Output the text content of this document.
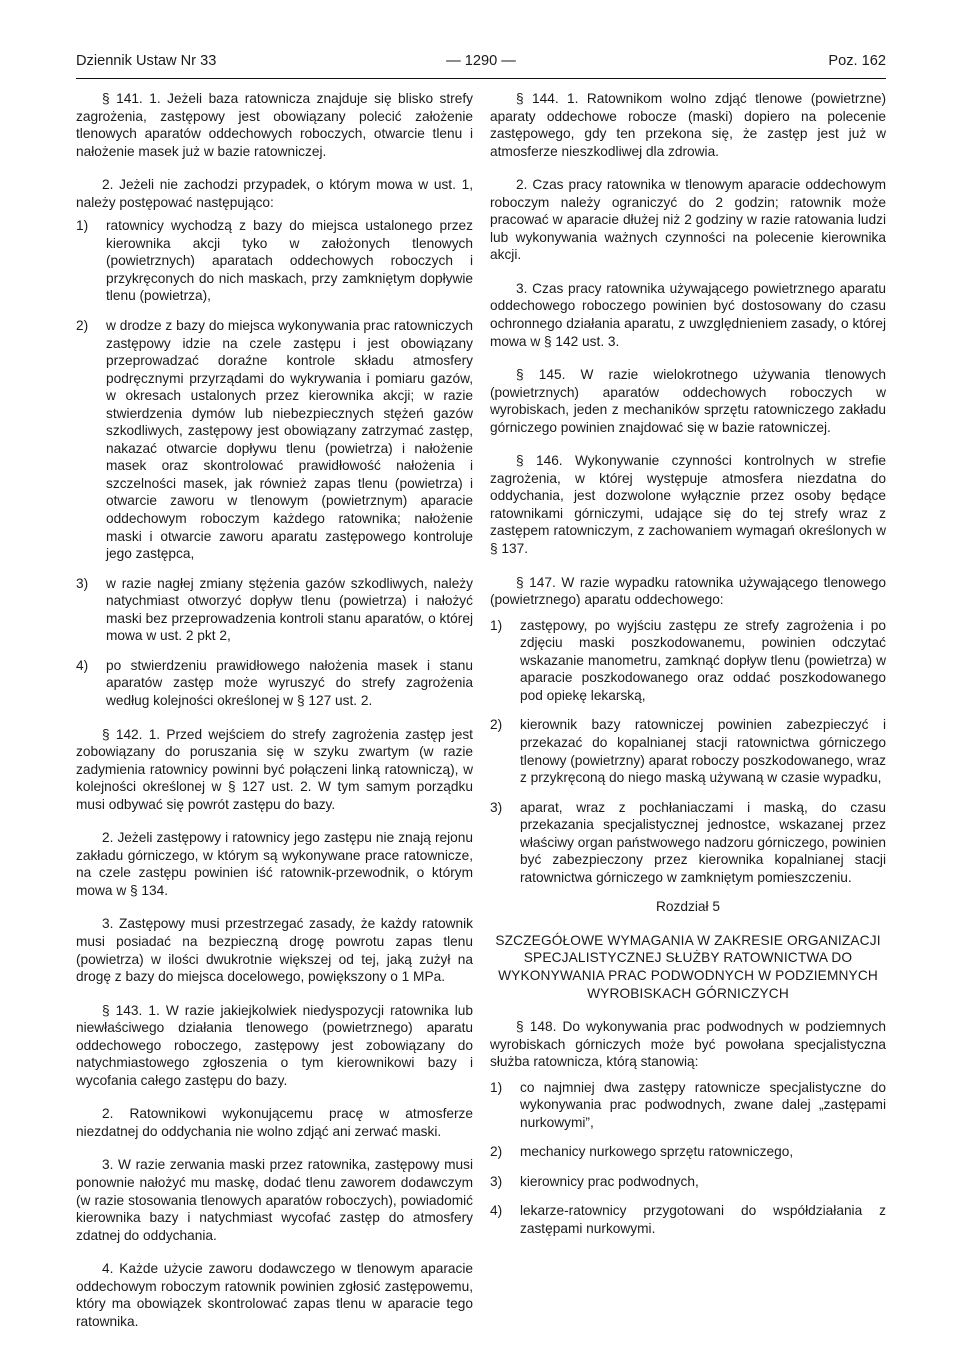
Dziennik Ustaw Nr 33	— 1290 —	Poz. 162

§ 141. 1. Jeżeli baza ratownicza znajduje się blisko strefy zagrożenia, zastępowy jest obowiązany polecić założenie tlenowych aparatów oddechowych roboczych, otwarcie tlenu i nałożenie masek już w bazie ratowniczej.

2. Jeżeli nie zachodzi przypadek, o którym mowa w ust. 1, należy postępować następująco:

1) ratownicy wychodzą z bazy do miejsca ustalonego przez kierownika akcji tyko w założonych tlenowych (powietrznych) aparatach oddechowych roboczych i przykręconych do nich maskach, przy zamkniętym dopływie tlenu (powietrza),
2) w drodze z bazy do miejsca wykonywania prac ratowniczych zastępowy idzie na czele zastępu i jest obowiązany przeprowadzać doraźne kontrole składu atmosfery podręcznymi przyrządami do wykrywania i pomiaru gazów, w okresach ustalonych przez kierownika akcji; w razie stwierdzenia dymów lub niebezpiecznych stężeń gazów szkodliwych, zastępowy jest obowiązany zatrzymać zastęp, nakazać otwarcie dopływu tlenu (powietrza) i nałożenie masek oraz skontrolować prawidłowość nałożenia i szczelności masek, jak również zapas tlenu (powietrza) i otwarcie zaworu w tlenowym (powietrznym) aparacie oddechowym roboczym każdego ratownika; nałożenie maski i otwarcie zaworu aparatu zastępowego kontroluje jego zastępca,
3) w razie nagłej zmiany stężenia gazów szkodliwych, należy natychmiast otworzyć dopływ tlenu (powietrza) i nałożyć maski bez przeprowadzenia kontroli stanu aparatów, o której mowa w ust. 2 pkt 2,
4) po stwierdzeniu prawidłowego nałożenia masek i stanu aparatów zastęp może wyruszyć do strefy zagrożenia według kolejności określonej w § 127 ust. 2.

§ 142. 1. Przed wejściem do strefy zagrożenia zastęp jest zobowiązany do poruszania się w szyku zwartym (w razie zadymienia ratownicy powinni być połączeni linką ratowniczą), w kolejności określonej w § 127 ust. 2. W tym samym porządku musi odbywać się powrót zastępu do bazy.

2. Jeżeli zastępowy i ratownicy jego zastępu nie znają rejonu zakładu górniczego, w którym są wykonywane prace ratownicze, na czele zastępu powinien iść ratownik-przewodnik, o którym mowa w § 134.

3. Zastępowy musi przestrzegać zasady, że każdy ratownik musi posiadać na bezpieczną drogę powrotu zapas tlenu (powietrza) w ilości dwukrotnie większej od tej, jaką zużył na drogę z bazy do miejsca docelowego, powiększony o 1 MPa.

§ 143. 1. W razie jakiejkolwiek niedyspozycji ratownika lub niewłaściwego działania tlenowego (powietrznego) aparatu oddechowego roboczego, zastępowy jest zobowiązany do natychmiastowego zgłoszenia o tym kierownikowi bazy i wycofania całego zastępu do bazy.

2. Ratownikowi wykonującemu pracę w atmosferze niezdatnej do oddychania nie wolno zdjąć ani zerwać maski.

3. W razie zerwania maski przez ratownika, zastępowy musi ponownie nałożyć mu maskę, dodać tlenu zaworem dodawczym (w razie stosowania tlenowych aparatów roboczych), powiadomić kierownika bazy i natychmiast wycofać zastęp do atmosfery zdatnej do oddychania.

4. Każde użycie zaworu dodawczego w tlenowym aparacie oddechowym roboczym ratownik powinien zgłosić zastępowemu, który ma obowiązek skontrolować zapas tlenu w aparacie tego ratownika.

§ 144. 1. Ratownikom wolno zdjąć tlenowe (powietrzne) aparaty oddechowe robocze (maski) dopiero na polecenie zastępowego, gdy ten przekona się, że zastęp jest już w atmosferze nieszkodliwej dla zdrowia.

2. Czas pracy ratownika w tlenowym aparacie oddechowym roboczym należy ograniczyć do 2 godzin; ratownik może pracować w aparacie dłużej niż 2 godziny w razie ratowania ludzi lub wykonywania ważnych czynności na polecenie kierownika akcji.

3. Czas pracy ratownika używającego powietrznego aparatu oddechowego roboczego powinien być dostosowany do czasu ochronnego działania aparatu, z uwzględnieniem zasady, o której mowa w § 142 ust. 3.

§ 145. W razie wielokrotnego używania tlenowych (powietrznych) aparatów oddechowych roboczych w wyrobiskach, jeden z mechaników sprzętu ratowniczego zakładu górniczego powinien znajdować się w bazie ratowniczej.

§ 146. Wykonywanie czynności kontrolnych w strefie zagrożenia, w której występuje atmosfera niezdatna do oddychania, jest dozwolone wyłącznie przez osoby będące ratownikami górniczymi, udające się do tej strefy wraz z zastępem ratowniczym, z zachowaniem wymagań określonych w § 137.

§ 147. W razie wypadku ratownika używającego tlenowego (powietrznego) aparatu oddechowego:

1) zastępowy, po wyjściu zastępu ze strefy zagrożenia i po zdjęciu maski poszkodowanemu, powinien odczytać wskazanie manometru, zamknąć dopływ tlenu (powietrza) w aparacie poszkodowanego oraz oddać poszkodowanego pod opiekę lekarską,
2) kierownik bazy ratowniczej powinien zabezpieczyć i przekazać do kopalnianej stacji ratownictwa górniczego tlenowy (powietrzny) aparat roboczy poszkodowanego, wraz z przykręconą do niego maską używaną w czasie wypadku,
3) aparat, wraz z pochłaniaczami i maską, do czasu przekazania specjalistycznej jednostce, wskazanej przez właściwy organ państwowego nadzoru górniczego, powinien być zabezpieczony przez kierownika kopalnianej stacji ratownictwa górniczego w zamkniętym pomieszczeniu.

Rozdział 5

SZCZEGÓŁOWE WYMAGANIA W ZAKRESIE ORGANIZACJI SPECJALISTYCZNEJ SŁUŻBY RATOWNICTWA DO WYKONYWANIA PRAC PODWODNYCH W PODZIEMNYCH WYROBISKACH GÓRNICZYCH

§ 148. Do wykonywania prac podwodnych w podziemnych wyrobiskach górniczych może być powołana specjalistyczna służba ratownicza, którą stanowią:

1) co najmniej dwa zastępy ratownicze specjalistyczne do wykonywania prac podwodnych, zwane dalej „zastępami nurkowymi”,
2) mechanicy nurkowego sprzętu ratowniczego,
3) kierownicy prac podwodnych,
4) lekarze-ratownicy przygotowani do współdziałania z zastępami nurkowymi.
